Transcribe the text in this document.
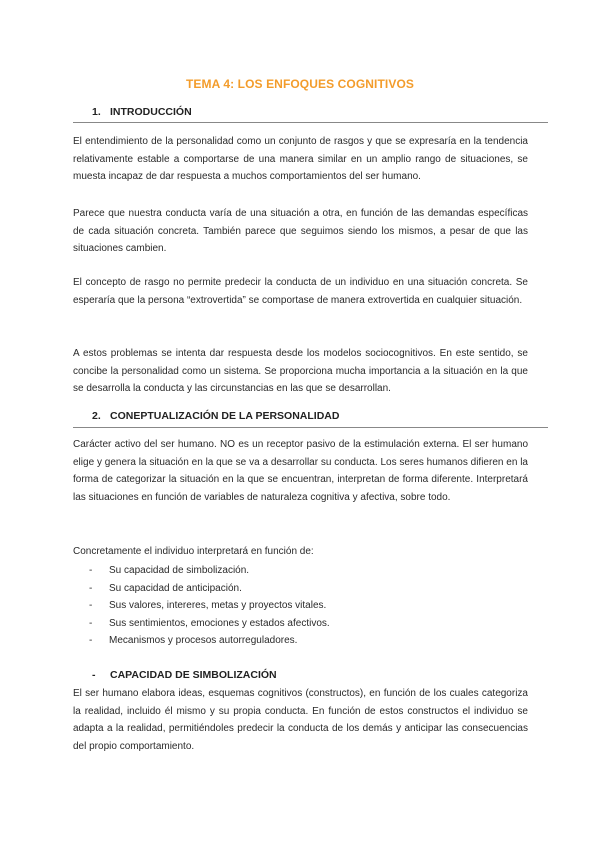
TEMA 4: LOS ENFOQUES COGNITIVOS
1. INTRODUCCIÓN

El entendimiento de la personalidad como un conjunto de rasgos y que se expresaría en la tendencia relativamente estable a comportarse de una manera similar en un amplio rango de situaciones, se muesta incapaz de dar respuesta a muchos comportamientos del ser humano.

Parece que nuestra conducta varía de una situación a otra, en función de las demandas específicas de cada situación concreta. También parece que seguimos siendo los mismos, a pesar de que las situaciones cambien.

El concepto de rasgo no permite predecir la conducta de un individuo en una situación concreta. Se esperaría que la persona “extrovertida” se comportase de manera extrovertida en cualquier situación.

A estos problemas se intenta dar respuesta desde los modelos sociocognitivos. En este sentido, se concibe la personalidad como un sistema. Se proporciona mucha importancia a la situación en la que se desarrolla la conducta y las circunstancias en las que se desarrollan.

2. CONEPTUALIZACIÓN DE LA PERSONALIDAD

Carácter activo del ser humano. NO es un receptor pasivo de la estimulación externa. El ser humano elige y genera la situación en la que se va a desarrollar su conducta. Los seres humanos difieren en la forma de categorizar la situación en la que se encuentran, interpretan de forma diferente. Interpretará las situaciones en función de variables de naturaleza cognitiva y afectiva, sobre todo.

Concretamente el individuo interpretará en función de:

- Su capacidad de simbolización.
- Su capacidad de anticipación.
- Sus valores, intereres, metas y proyectos vitales.
- Sus sentimientos, emociones y estados afectivos.
- Mecanismos y procesos autorreguladores.
- CAPACIDAD DE SIMBOLIZACIÓN

El ser humano elabora ideas, esquemas cognitivos (constructos), en función de los cuales categoriza la realidad, incluido él mismo y su propia conducta. En función de estos constructos el individuo se adapta a la realidad, permitiéndoles predecir la conducta de los demás y anticipar las consecuencias del propio comportamiento.
